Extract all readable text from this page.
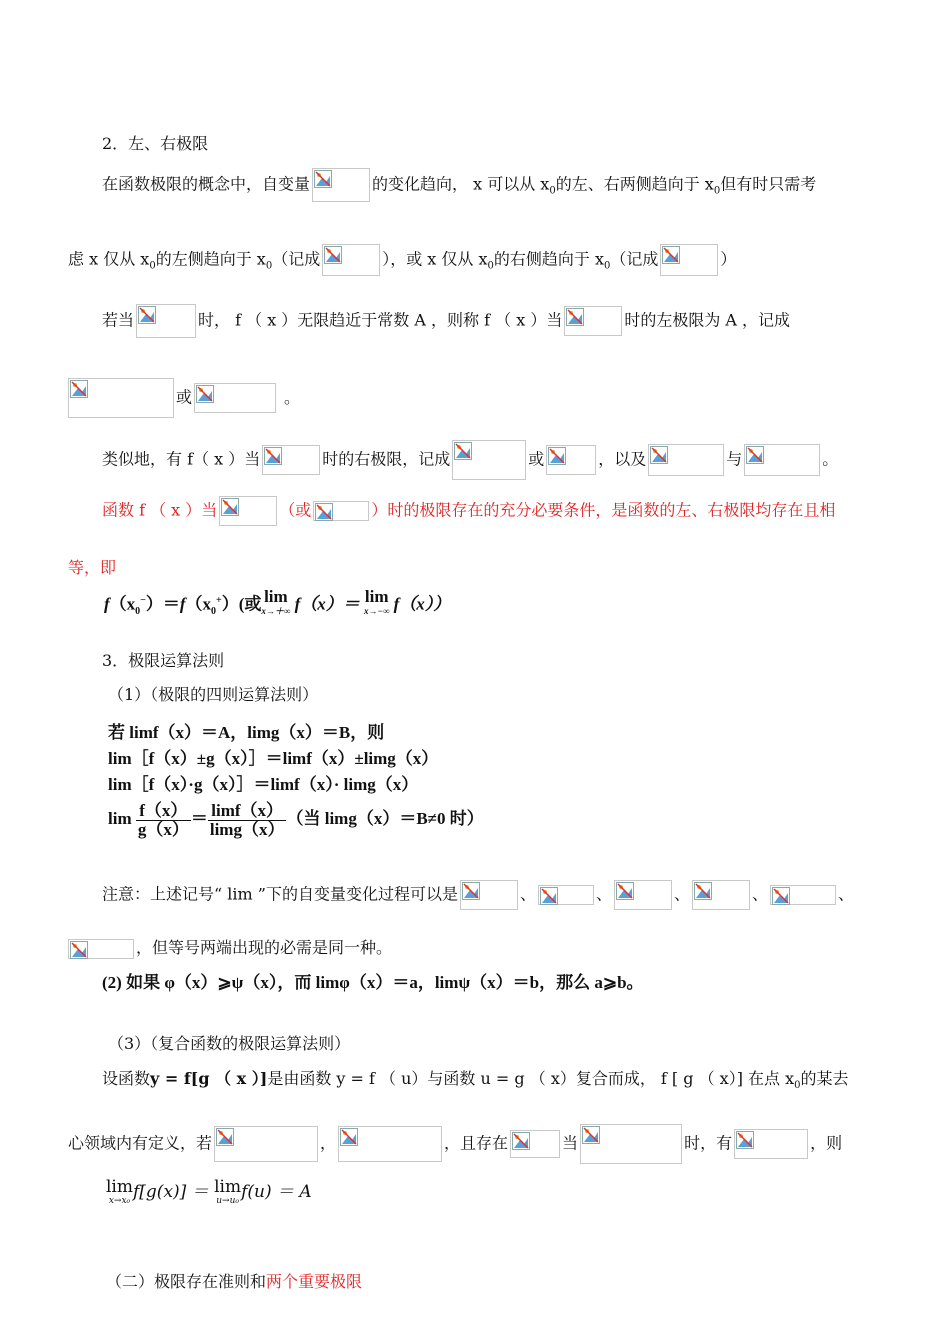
2．左、右极限
在函数极限的概念中，自变量	的变化趋向， x 可以从 $x_0$的左、右两侧趋向于 $x_0$但有时只需考
虑 x 仅从 $x_0$的左侧趋向于 $x_0$（记成	），或 x 仅从 $x_0$的右侧趋向于 $x_0$（记成	）
若当	时， f （ x ）无限趋近于常数 A ，则称 f （ x ）当	时的左极限为 A ，记成
或	。
类似地，有 f（ x ）当	时的右极限，记成	或	，以及	与	。
函数 f （ x ）当	（或	）时的极限存在的充分必要条件，是函数的左、右极限均存在且相
等，即
$f(x_0^-)=f(x_0^+)$(或 lim
x→＋∞ f（x）＝ lim
x→−∞ f（x））
3．极限运算法则
（1）（极限的四则运算法则）
若 limf（x）＝A，limg（x）＝B，则
lim［f（x）±g（x）］＝limf（x）±limg（x）
lim［f（x）·g（x）］＝limf（x）· limg（x）
$\lim \frac{f(x)}{g(x)} = \frac{\lim f(x)}{\lim g(x)}$ （当 limg（x）＝B≠0 时）
注意：上述记号“ lim ”下的自变量变化过程可以是	、	、	、	、	、
，但等号两端出现的必需是同一种。
(2) 如果 φ（x）⩾ψ（x），而 limφ（x）＝a，limψ（x）＝b，那么 a⩾b。
（3）（复合函数的极限运算法则）
设函数y = f[g （ x ）]是由函数 y = f （ u）与函数 u = g （ x）复合而成， f [ g （ x）] 在点 $x_0$的某去
心领域内有定义，若	，	，且存在	当	时，有	，则
lim
x→x₀ f[g(x)] ＝ lim
u→u₀ f(u) ＝ A
（二）极限存在准则和两个重要极限
